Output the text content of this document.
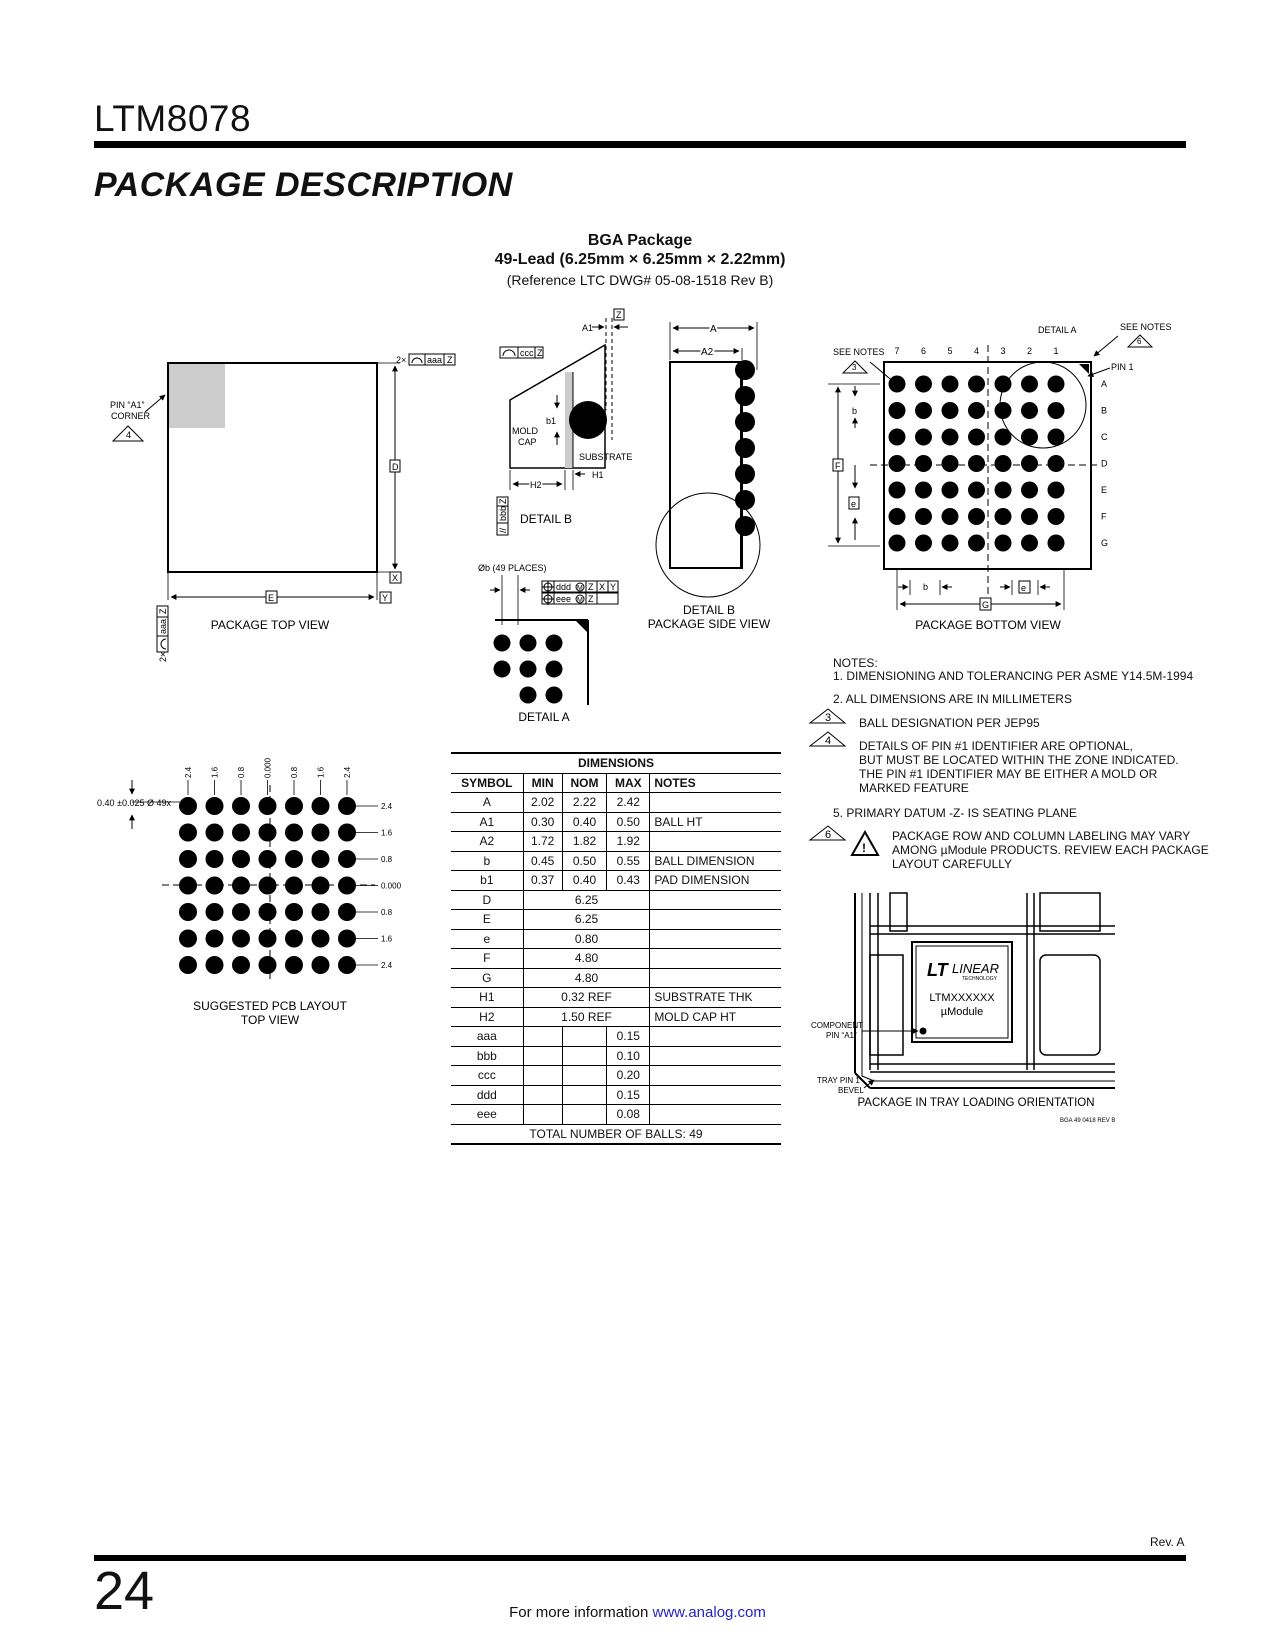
LTM8078
PACKAGE DESCRIPTION
BGA Package
49-Lead (6.25mm × 6.25mm × 2.22mm)
(Reference LTC DWG# 05-08-1518 Rev B)
PIN “A1”
CORNER
4
2× aaa Z
D
X
E	Y
2×
aaa
Z
PACKAGE TOP VIEW
ccc Z
A1
Z
b1
MOLD
CAP
SUBSTRATE
H2
H1
//
bbb
Z
DETAIL B
A
A2
DETAIL B
PACKAGE SIDE VIEW
Øb (49 PLACES)
ddd M Z X Y
eee M Z
DETAIL A
7 6 5 4 3 2 1
A
B
C
D
E
F
G
DETAIL A
SEE NOTES
3
SEE NOTES
6
PIN 1
F
b
e
b	e
G
PACKAGE BOTTOM VIEW
2.4 1.6 0.8 0.000 0.8 1.6 2.4
2.4
1.6
0.8
0.000
0.8
1.6
2.4
0.40 ±0.025 Ø 49x
SUGGESTED PCB LAYOUT
TOP VIEW
LT LINEAR
TECHNOLOGY
LTMXXXXXX
µModule
COMPONENT
PIN “A1”
TRAY PIN 1
BEVEL
PACKAGE IN TRAY LOADING ORIENTATION
BGA 49 0418 REV B
3
4
6
!
DIMENSIONS				
SYMBOL	MIN	NOM	MAX	NOTES
A	2.02	2.22	2.42	
A1	0.30	0.40	0.50	BALL HT
A2	1.72	1.82	1.92	
b	0.45	0.50	0.55	BALL DIMENSION
b1	0.37	0.40	0.43	PAD DIMENSION
D	6.25			
E	6.25			
e	0.80			
F	4.80			
G	4.80			
H1	0.32 REF			SUBSTRATE THK
H2	1.50 REF			MOLD CAP HT
aaa			0.15	
bbb			0.10	
ccc			0.20	
ddd			0.15	
eee			0.08	
TOTAL NUMBER OF BALLS: 49				
NOTES:
1. DIMENSIONING AND TOLERANCING PER ASME Y14.5M-1994
2. ALL DIMENSIONS ARE IN MILLIMETERS
BALL DESIGNATION PER JEP95
DETAILS OF PIN #1 IDENTIFIER ARE OPTIONAL,
BUT MUST BE LOCATED WITHIN THE ZONE INDICATED.
THE PIN #1 IDENTIFIER MAY BE EITHER A MOLD OR
MARKED FEATURE
5. PRIMARY DATUM -Z- IS SEATING PLANE
PACKAGE ROW AND COLUMN LABELING MAY VARY
AMONG µModule PRODUCTS. REVIEW EACH PACKAGE
LAYOUT CAREFULLY
Rev. A
24	For more information www.analog.com
